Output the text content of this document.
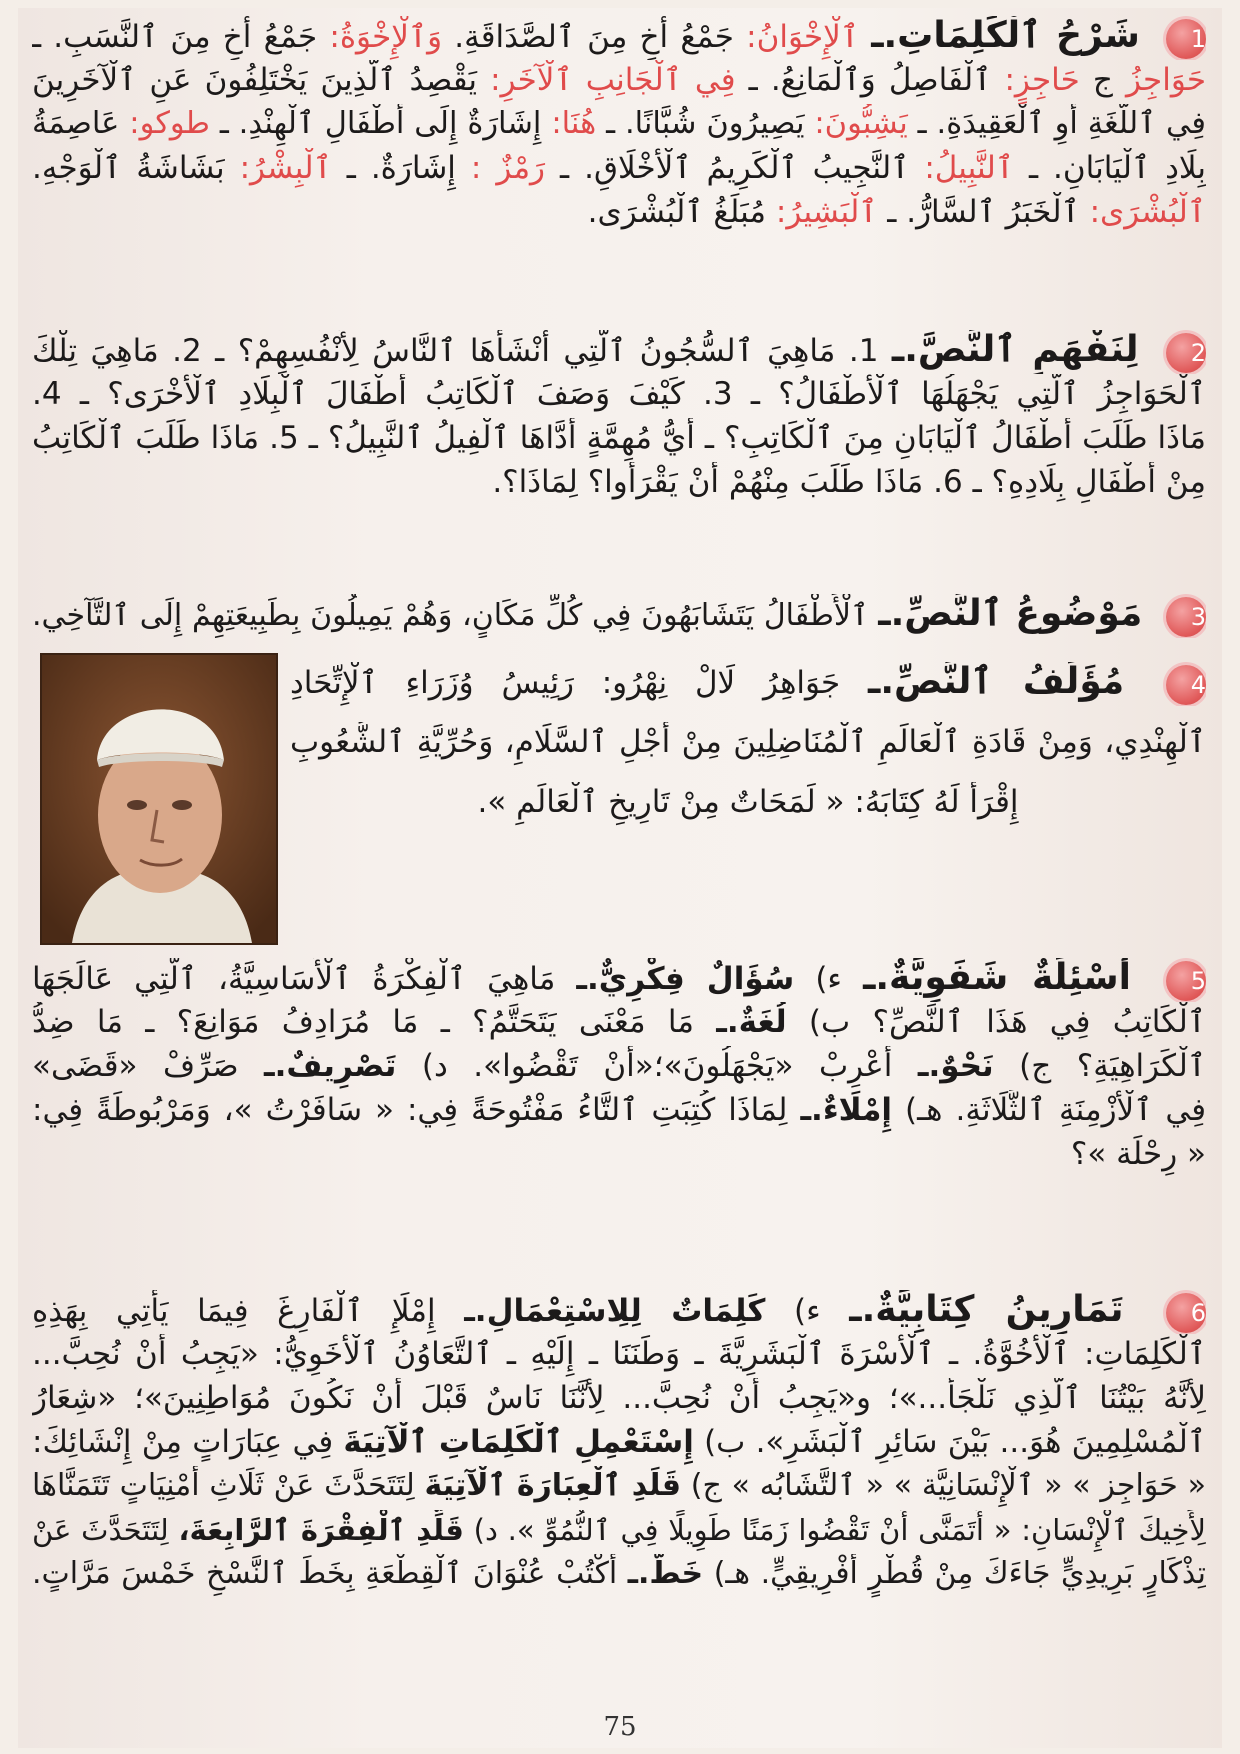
1 شَرْحُ ٱلْكَلِمَاتِ.ـ ٱلْإِخْوَانُ: جَمْعُ أَخٍ مِنَ ٱلصَّدَاقَةِ. وَٱلْإِخْوَةُ: جَمْعُ أَخٍ مِنَ ٱلنَّسَبِ. ـ
حَوَاجِزُ ج حَاجِزٍ: ٱلْفَاصِلُ وَٱلْمَانِعُ. ـ فِي ٱلْجَانِبِ ٱلْآخَرِ: يَقْصِدُ ٱلَّذِينَ يَخْتَلِفُونَ عَنِ ٱلْآخَرِينَ
فِي ٱللُّغَةِ أَوِ ٱلْعَقِيدَةِ. ـ يَشِبُّونَ: يَصِيرُونَ شُبَّانًا. ـ هُنَا: إِشَارَةٌ إِلَى أَطْفَالِ ٱلْهِنْدِ. ـ طوكو: عَاصِمَةُ
بِلَادِ ٱلْيَابَانِ. ـ ٱلنَّبِيلُ: ٱلنَّجِيبُ ٱلْكَرِيمُ ٱلْأَخْلَاقِ. ـ رَمْزٌ : إِشَارَةٌ. ـ ٱلْبِشْرُ: بَشَاشَةُ ٱلْوَجْهِ.
ٱلْبُشْرَى: ٱلْخَبَرُ ٱلسَّارُّ. ـ ٱلْبَشِيرُ: مُبَلِّغُ ٱلْبُشْرَى.
2 لِنَفْهَمِ ٱلنَّصَّ.ـ 1. مَاهِيَ ٱلسُّجُونُ ٱلَّتِي أَنْشَأَهَا ٱلنَّاسُ لِأَنْفُسِهِمْ؟ ـ 2. مَاهِيَ تِلْكَ
ٱلْحَوَاجِزُ ٱلَّتِي يَجْهَلُهَا ٱلْأَطْفَالُ؟ ـ 3. كَيْفَ وَصَفَ ٱلْكَاتِبُ أَطْفَالَ ٱلْبِلَادِ ٱلْأُخْرَى؟ ـ 4.
مَاذَا طَلَبَ أَطْفَالُ ٱلْيَابَانِ مِنَ ٱلْكَاتِبِ؟ ـ أَيُّ مُهِمَّةٍ أَدَّاهَا ٱلْفِيلُ ٱلنَّبِيلُ؟ ـ 5. مَاذَا طَلَبَ ٱلْكَاتِبُ
مِنْ أَطْفَالِ بِلَادِهِ؟ ـ 6. مَاذَا طَلَبَ مِنْهُمْ أَنْ يَقْرَأُوا؟ لِمَاذَا؟.
3 مَوْضُوعُ ٱلنَّصِّ.ـ ٱلْأَطْفَالُ يَتَشَابَهُونَ فِي كُلِّ مَكَانٍ، وَهُمْ يَمِيلُونَ بِطَبِيعَتِهِمْ إِلَى ٱلتَّآخِي.
4 مُؤَلِّفُ ٱلنَّصِّ.ـ جَوَاهِرُ لَالْ نِهْرُو: رَئِيسُ وُزَرَاءِ ٱلْإِتِّحَادِ
ٱلْهِنْدِي، وَمِنْ قَادَةِ ٱلْعَالَمِ ٱلْمُنَاضِلِينَ مِنْ أَجْلِ ٱلسَّلَامِ، وَحُرِّيَّةِ ٱلشُّعُوبِ
إِقْرَأْ لَهُ كِتَابَهُ: « لَمَحَاتٌ مِنْ تَارِيخِ ٱلْعَالَمِ ».
5 أَسْئِلَةٌ شَفَوِيَّةٌ.ـ ء) سُؤَالٌ فِكْرِيٌّ.ـ مَاهِيَ ٱلْفِكْرَةُ ٱلْأَسَاسِيَّةُ، ٱلَّتِي عَالَجَهَا
ٱلْكَاتِبُ فِي هَذَا ٱلنَّصِّ؟ ب) لُغَةٌ.ـ مَا مَعْنَى يَتَحَتَّمُ؟ ـ مَا مُرَادِفُ مَوَانِعَ؟ ـ مَا ضِدُّ
ٱلْكَرَاهِيَةِ؟ ج) نَحْوٌ.ـ أَعْرِبْ «يَجْهَلُونَ»؛«أَنْ تَقْضُوا». د) تَصْرِيفٌ.ـ صَرِّفْ «قَضَى»
فِي ٱلْأَزْمِنَةِ ٱلثَّلَاثَةِ. هـ) إِمْلَاءٌ.ـ لِمَاذَا كُتِبَتِ ٱلتَّاءُ مَفْتُوحَةً فِي: « سَافَرْتُ »، وَمَرْبُوطَةً فِي:
« رِحْلَة »؟
6 تَمَارِينُ كِتَابِيَّةٌ.ـ ء) كَلِمَاتٌ لِلِاسْتِعْمَالِ.ـ إِمْلَإِ ٱلْفَارِغَ فِيمَا يَأْتِي بِهَذِهِ
ٱلْكَلِمَاتِ: ٱلْأُخُوَّةُ. ـ ٱلْأُسْرَةَ ٱلْبَشَرِيَّةَ ـ وَطَنَنَا ـ إِلَيْهِ ـ ٱلتَّعَاوُنُ ٱلْأَخَوِيُّ: «يَجِبُ أَنْ نُحِبَّ...
لِأَنَّهُ بَيْتُنَا ٱلَّذِي نَلْجَأُ...»؛ و«يَجِبُ أَنْ نُحِبَّ... لِأَنَّنَا نَاسٌ قَبْلَ أَنْ نَكُونَ مُوَاطِنِينَ»؛ «شِعَارُ
ٱلْمُسْلِمِينَ هُوَ... بَيْنَ سَائِرِ ٱلْبَشَرِ». ب) إِسْتَعْمِلِ ٱلْكَلِمَاتِ ٱلْآتِيَةَ فِي عِبَارَاتٍ مِنْ إِنْشَائِكَ:
« حَوَاجِز » « ٱلْإِنْسَانِيَّة » « ٱلتَّشَابُه » ج) قَلِّدِ ٱلْعِبَارَةَ ٱلْآتِيَةَ لِتَتَحَدَّثَ عَنْ ثَلَاثِ أُمْنِيَاتٍ تَتَمَنَّاهَا
لِأَخِيكَ ٱلْإِنْسَانِ: « أَتَمَنَّى أَنْ تَقْضُوا زَمَنًا طَوِيلًا فِي ٱلنُّمُوِّ ». د) قَلِّدِ ٱلْفِقْرَةَ ٱلرَّابِعَةَ، لِتَتَحَدَّثَ عَنْ
تِذْكَارٍ بَرِيدِيٍّ جَاءَكَ مِنْ قُطْرٍ أَفْرِيقِيٍّ. هـ) خَطٌّ.ـ أُكْتُبْ عُنْوَانَ ٱلْقِطْعَةِ بِخَطِّ ٱلنَّسْخِ خَمْسَ مَرَّاتٍ.
75
